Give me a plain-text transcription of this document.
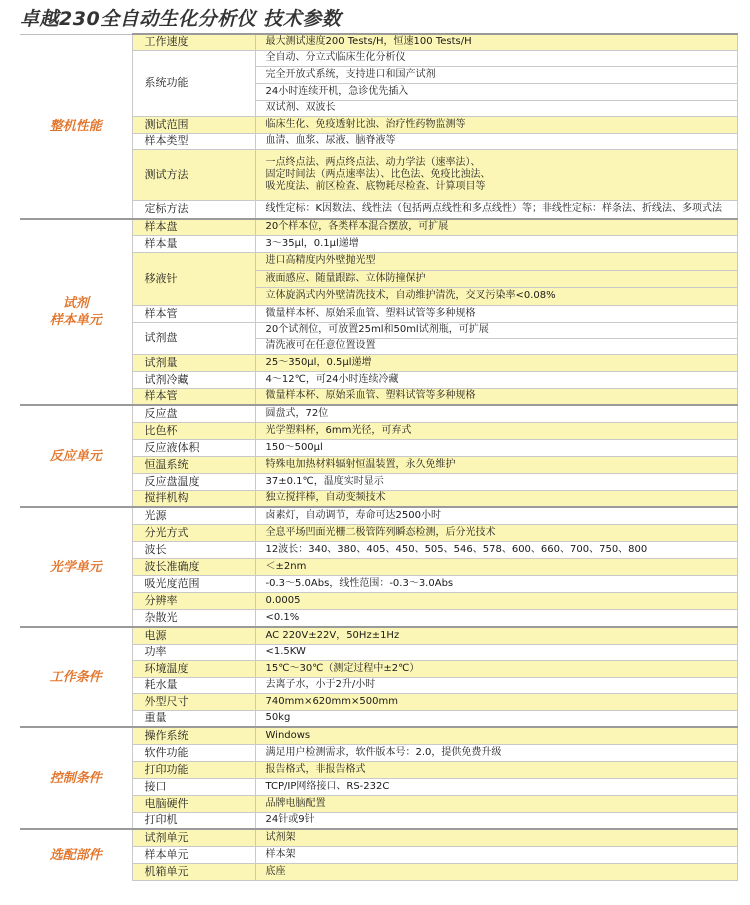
卓越230全自动生化分析仪 技术参数
整机性能	工作速度	最大测试速度200 Tests/H，恒速100 Tests/H

	系统功能	全自动、分立式临床生化分析仪

		完全开放式系统，支持进口和国产试剂

		24小时连续开机，急诊优先插入

		双试剂、双波长

	测试范围	临床生化、免疫透射比浊、治疗性药物监测等

	样本类型	血清、血浆、尿液、脑脊液等

	测试方法	一点终点法、两点终点法、动力学法（速率法）、
固定时间法（两点速率法）、比色法、免疫比浊法、
吸光度法、前区检查、底物耗尽检查、计算项目等

	定标方法	线性定标：K因数法、线性法（包括两点线性和多点线性）等；非线性定标：样条法、折线法、多项式法

试剂
样本单元	样本盘	20个样本位，各类样本混合摆放，可扩展

	样本量	3～35μl，0.1μl递增

	移液针	进口高精度内外壁抛光型

		液面感应、随量跟踪、立体防撞保护

		立体旋涡式内外壁清洗技术，自动维护清洗，交叉污染率<0.08%

	样本管	微量样本杯、原始采血管、塑料试管等多种规格

	试剂盘	20个试剂位，可放置25ml和50ml试剂瓶，可扩展

		清洗液可在任意位置设置

	试剂量	25～350μl，0.5μl递增

	试剂冷藏	4～12℃，可24小时连续冷藏

	样本管	微量样本杯、原始采血管、塑料试管等多种规格

反应单元	反应盘	圆盘式，72位

	比色杯	光学塑料杯，6mm光径，可弃式

	反应液体积	150～500μl

	恒温系统	特殊电加热材料辐射恒温装置，永久免维护

	反应盘温度	37±0.1℃，温度实时显示

	搅拌机构	独立搅拌棒，自动变频技术

光学单元	光源	卤素灯，自动调节，寿命可达2500小时

	分光方式	全息平场凹面光栅二极管阵列瞬态检测，后分光技术

	波长	12波长：340、380、405、450、505、546、578、600、660、700、750、800

	波长准确度	＜±2nm

	吸光度范围	-0.3～5.0Abs，线性范围：-0.3～3.0Abs

	分辨率	0.0005

	杂散光	<0.1%

工作条件	电源	AC 220V±22V，50Hz±1Hz

	功率	<1.5KW

	环境温度	15℃～30℃（测定过程中±2℃）

	耗水量	去离子水，小于2升/小时

	外型尺寸	740mm×620mm×500mm

	重量	50kg

控制条件	操作系统	Windows

	软件功能	满足用户检测需求，软件版本号：2.0，提供免费升级

	打印功能	报告格式，非报告格式

	接口	TCP/IP网络接口、RS-232C

	电脑硬件	品牌电脑配置

	打印机	24针或9针

选配部件	试剂单元	试剂架

	样本单元	样本架

	机箱单元	底座
